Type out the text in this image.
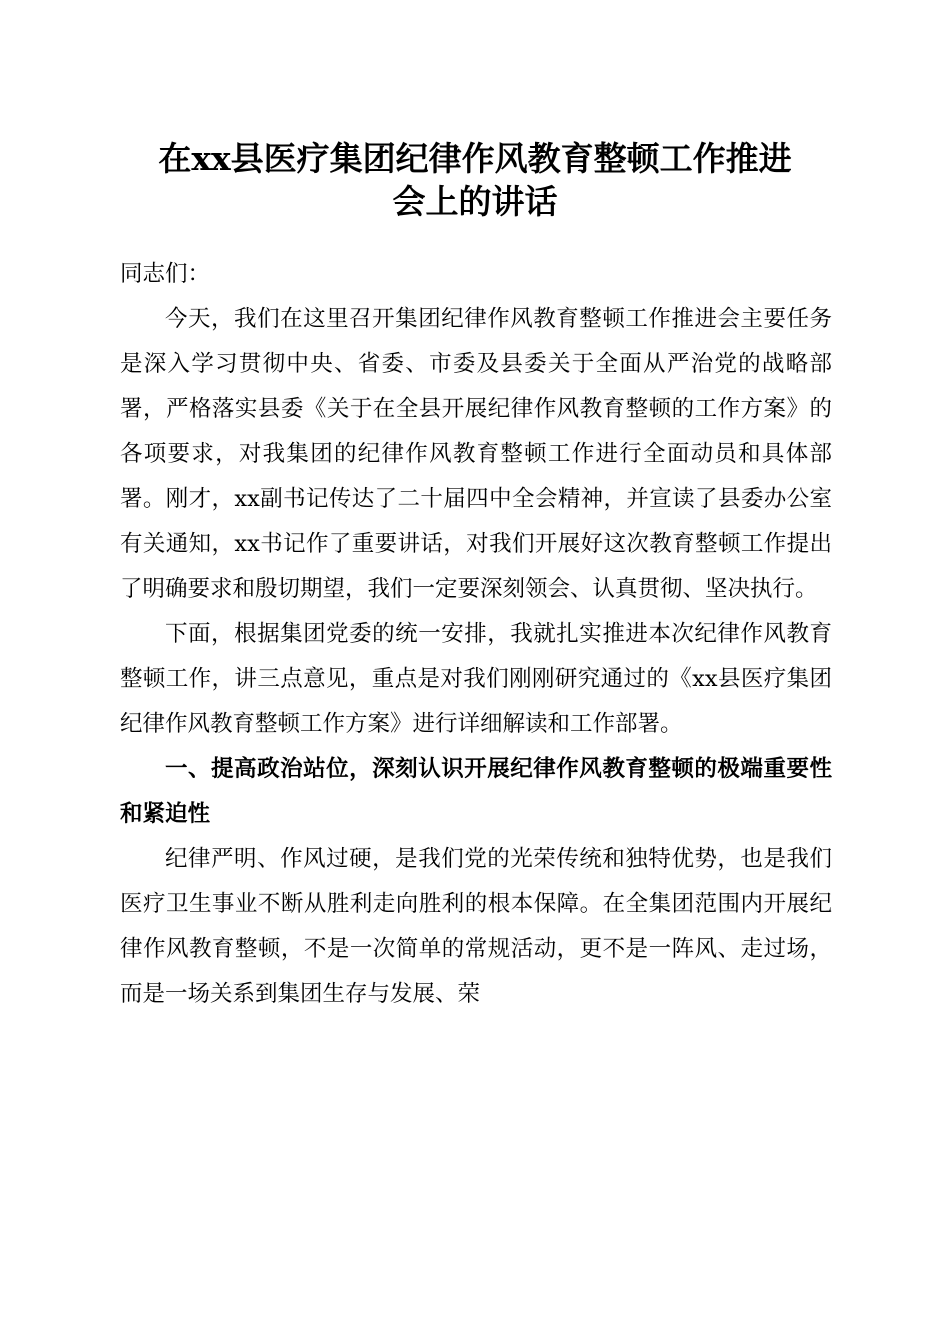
在xx县医疗集团纪律作风教育整顿工作推进
会上的讲话

同志们：

今天，我们在这里召开集团纪律作风教育整顿工作推进会主要任务是深入学习贯彻中央、省委、市委及县委关于全面从严治党的战略部署，严格落实县委《关于在全县开展纪律作风教育整顿的工作方案》的各项要求，对我集团的纪律作风教育整顿工作进行全面动员和具体部署。刚才，xx副书记传达了二十届四中全会精神，并宣读了县委办公室有关通知，xx书记作了重要讲话，对我们开展好这次教育整顿工作提出了明确要求和殷切期望，我们一定要深刻领会、认真贯彻、坚决执行。

下面，根据集团党委的统一安排，我就扎实推进本次纪律作风教育整顿工作，讲三点意见，重点是对我们刚刚研究通过的《xx县医疗集团纪律作风教育整顿工作方案》进行详细解读和工作部署。

一、提高政治站位，深刻认识开展纪律作风教育整顿的极端重要性和紧迫性

纪律严明、作风过硬，是我们党的光荣传统和独特优势，也是我们医疗卫生事业不断从胜利走向胜利的根本保障。在全集团范围内开展纪律作风教育整顿，不是一次简单的常规活动，更不是一阵风、走过场，而是一场关系到集团生存与发展、荣
